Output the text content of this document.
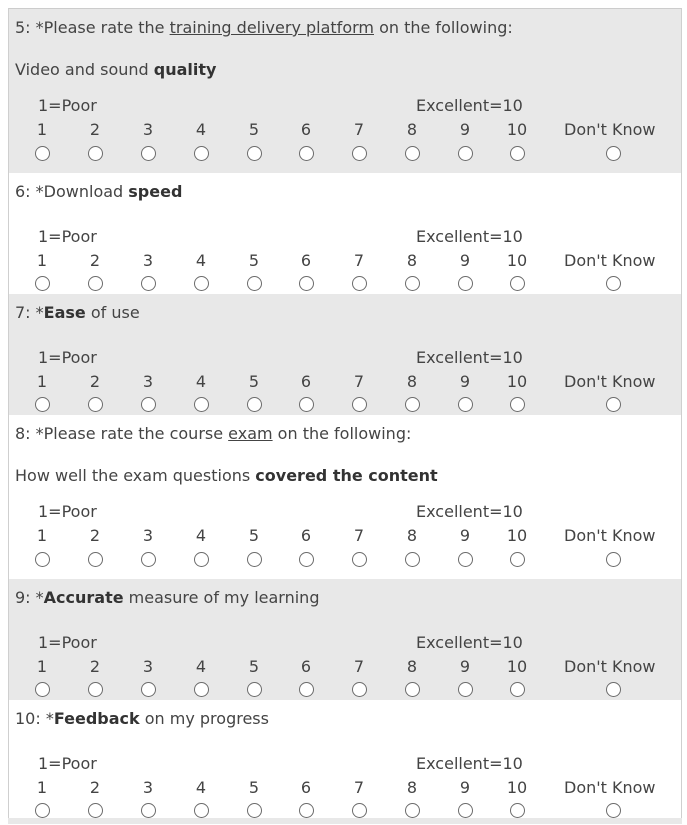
5: *Please rate the training delivery platform on the following:

Video and sound quality

1=Poor	Excellent=10
1	2	3	4	5	6	7	8	9	10	Don't Know
6: *Download speed
1=Poor	Excellent=10
1	2	3	4	5	6	7	8	9	10	Don't Know
7: *Ease of use
1=Poor	Excellent=10
1	2	3	4	5	6	7	8	9	10	Don't Know
8: *Please rate the course exam on the following:

How well the exam questions covered the content

1=Poor	Excellent=10
1	2	3	4	5	6	7	8	9	10	Don't Know
9: *Accurate measure of my learning
1=Poor	Excellent=10
1	2	3	4	5	6	7	8	9	10	Don't Know
10: *Feedback on my progress
1=Poor	Excellent=10
1	2	3	4	5	6	7	8	9	10	Don't Know
